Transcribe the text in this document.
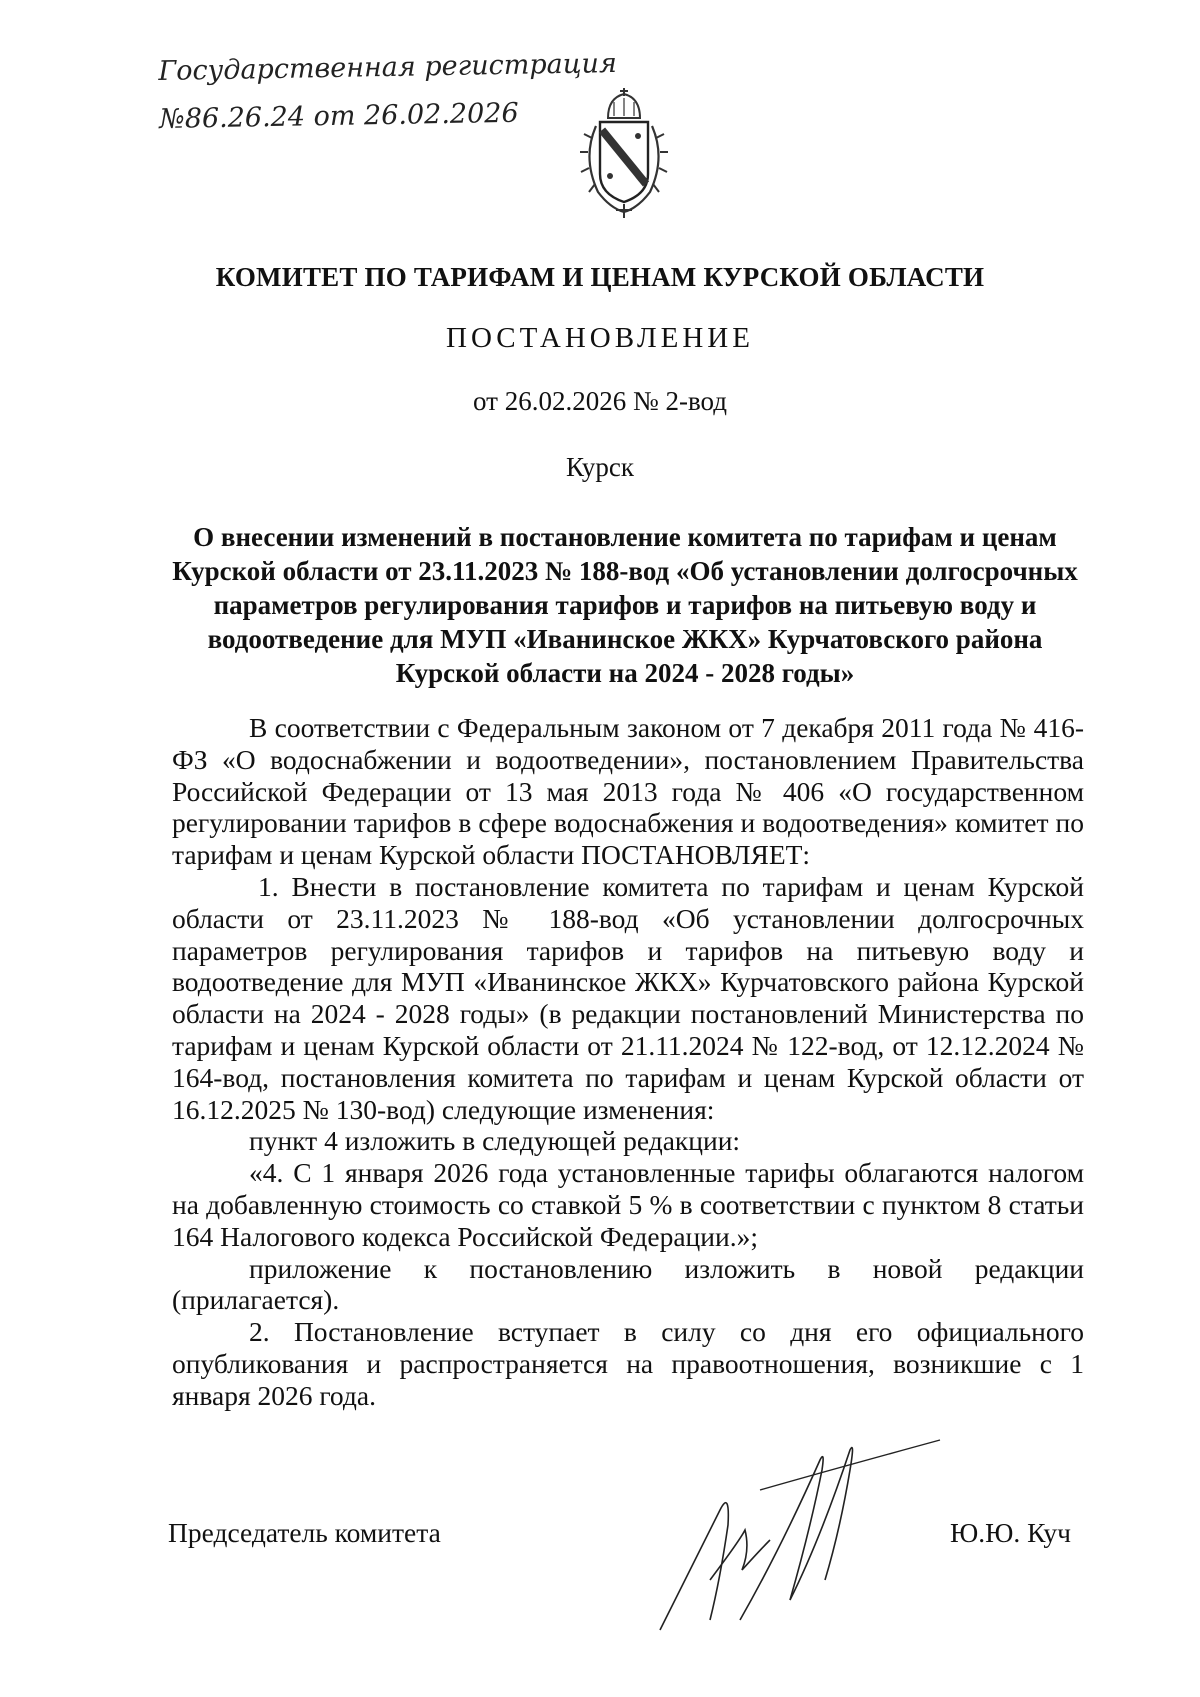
Государственная регистрация
№86.26.24 от 26.02.2026
КОМИТЕТ ПО ТАРИФАМ И ЦЕНАМ КУРСКОЙ ОБЛАСТИ
ПОСТАНОВЛЕНИЕ
от 26.02.2026 № 2-вод
Курск
О внесении изменений в постановление комитета по тарифам и ценам Курской области от 23.11.2023 № 188-вод «Об установлении долгосрочных параметров регулирования тарифов и тарифов на питьевую воду и водоотведение для МУП «Иванинское ЖКХ» Курчатовского района Курской области на 2024 - 2028 годы»

В соответствии с Федеральным законом от 7 декабря 2011 года № 416-ФЗ «О водоснабжении и водоотведении», постановлением Правительства Российской Федерации от 13 мая 2013 года № 406 «О государственном регулировании тарифов в сфере водоснабжения и водоотведения» комитет по тарифам и ценам Курской области ПОСТАНОВЛЯЕТ:

1. Внести в постановление комитета по тарифам и ценам Курской области от 23.11.2023 № 188-вод «Об установлении долгосрочных параметров регулирования тарифов и тарифов на питьевую воду и водоотведение для МУП «Иванинское ЖКХ» Курчатовского района Курской области на 2024 - 2028 годы» (в редакции постановлений Министерства по тарифам и ценам Курской области от 21.11.2024 № 122-вод, от 12.12.2024 № 164-вод, постановления комитета по тарифам и ценам Курской области от 16.12.2025 № 130-вод) следующие изменения:

пункт 4 изложить в следующей редакции:

«4. С 1 января 2026 года установленные тарифы облагаются налогом на добавленную стоимость со ставкой 5 % в соответствии с пунктом 8 статьи 164 Налогового кодекса Российской Федерации.»;

приложение к постановлению изложить в новой редакции (прилагается).

2. Постановление вступает в силу со дня его официального опубликования и распространяется на правоотношения, возникшие с 1 января 2026 года.

Председатель комитета	Ю.Ю. Куч
